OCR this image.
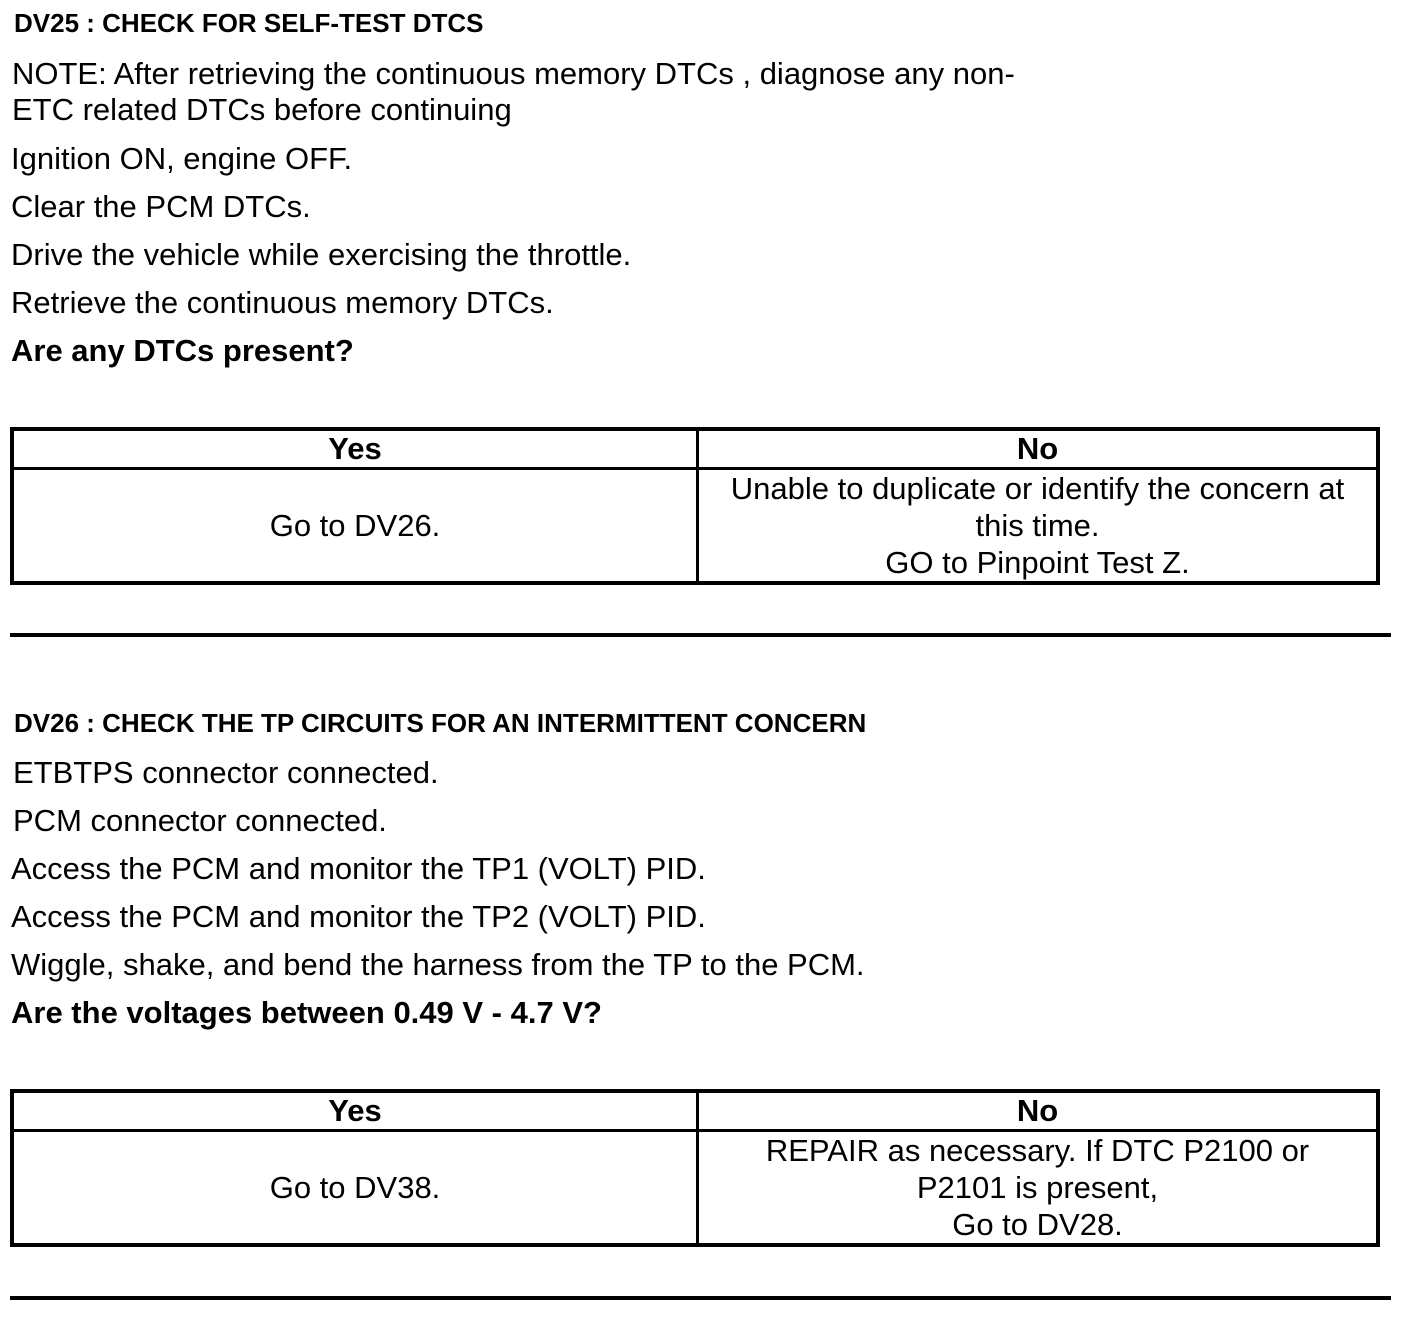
DV25 : CHECK FOR SELF-TEST DTCS
NOTE: After retrieving the continuous memory DTCs , diagnose any non-
ETC related DTCs before continuing
Ignition ON, engine OFF.
Clear the PCM DTCs.
Drive the vehicle while exercising the throttle.
Retrieve the continuous memory DTCs.
Are any DTCs present?
Yes	No
Go to DV26.	Unable to duplicate or identify the concern at
this time.
GO to Pinpoint Test Z.
DV26 : CHECK THE TP CIRCUITS FOR AN INTERMITTENT CONCERN
ETBTPS connector connected.
PCM connector connected.
Access the PCM and monitor the TP1 (VOLT) PID.
Access the PCM and monitor the TP2 (VOLT) PID.
Wiggle, shake, and bend the harness from the TP to the PCM.
Are the voltages between 0.49 V - 4.7 V?
Yes	No
Go to DV38.	REPAIR as necessary. If DTC P2100 or
P2101 is present,
Go to DV28.
